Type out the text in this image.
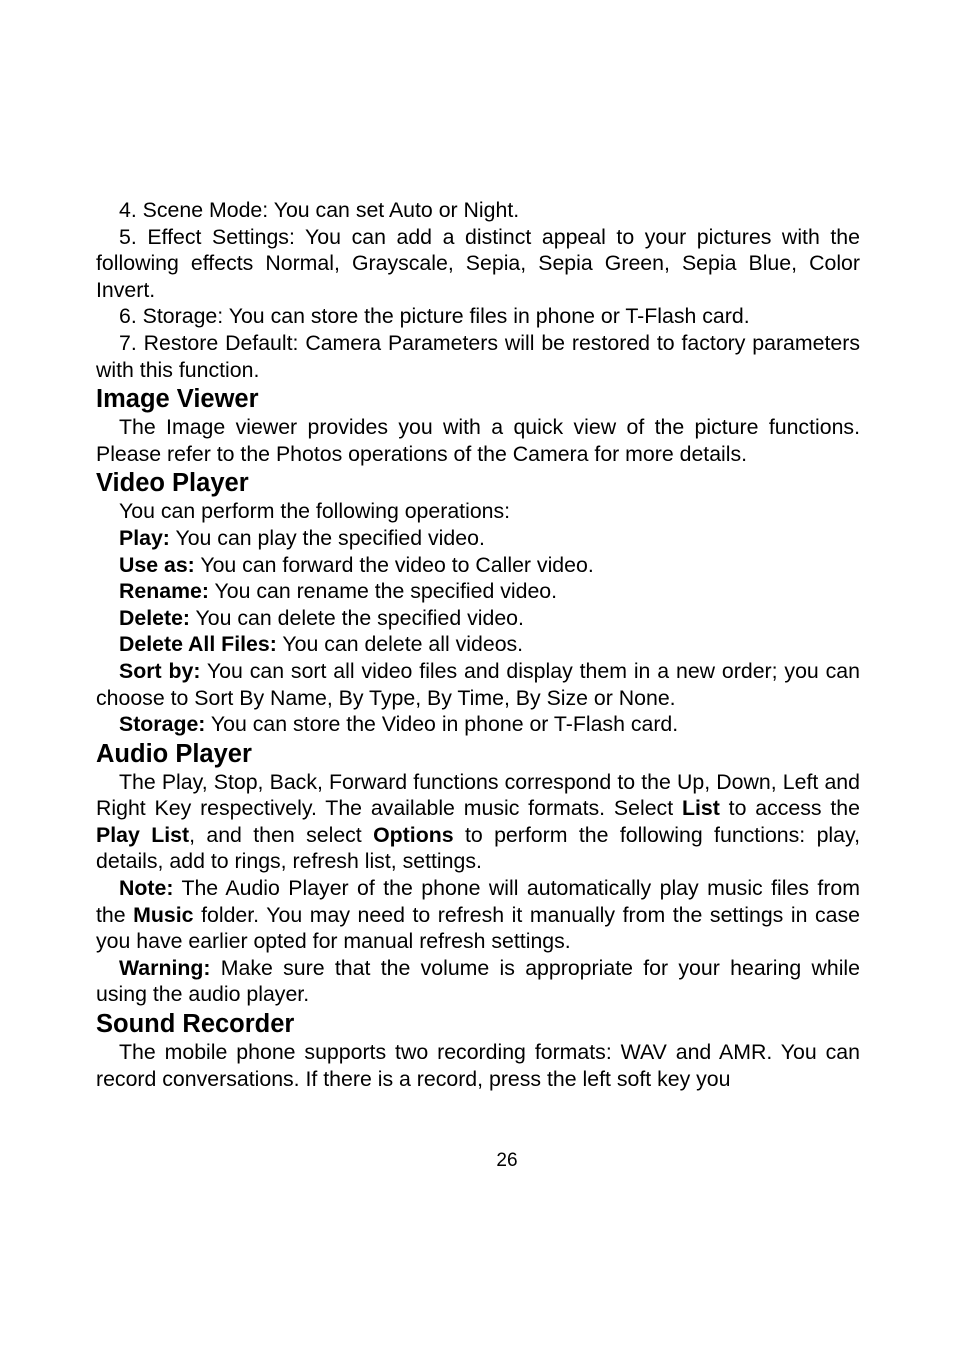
4. Scene Mode: You can set Auto or Night.

5. Effect Settings: You can add a distinct appeal to your pictures with the following effects Normal, Grayscale, Sepia, Sepia Green, Sepia Blue, Color Invert.

6. Storage: You can store the picture files in phone or T-Flash card.

7. Restore Default: Camera Parameters will be restored to factory parameters with this function.

Image Viewer

The Image viewer provides you with a quick view of the picture functions. Please refer to the Photos operations of the Camera for more details.

Video Player

You can perform the following operations:

Play: You can play the specified video.

Use as: You can forward the video to Caller video.

Rename: You can rename the specified video.

Delete: You can delete the specified video.

Delete All Files: You can delete all videos.

Sort by: You can sort all video files and display them in a new order; you can choose to Sort By Name, By Type, By Time, By Size or None.

Storage: You can store the Video in phone or T-Flash card.

Audio Player

The Play, Stop, Back, Forward functions correspond to the Up, Down, Left and Right Key respectively. The available music formats. Select List to access the Play List, and then select Options to perform the following functions: play, details, add to rings, refresh list, settings.

Note: The Audio Player of the phone will automatically play music files from the Music folder. You may need to refresh it manually from the settings in case you have earlier opted for manual refresh settings.

Warning: Make sure that the volume is appropriate for your hearing while using the audio player.

Sound Recorder

The mobile phone supports two recording formats: WAV and AMR. You can record conversations. If there is a record, press the left soft key you

26
